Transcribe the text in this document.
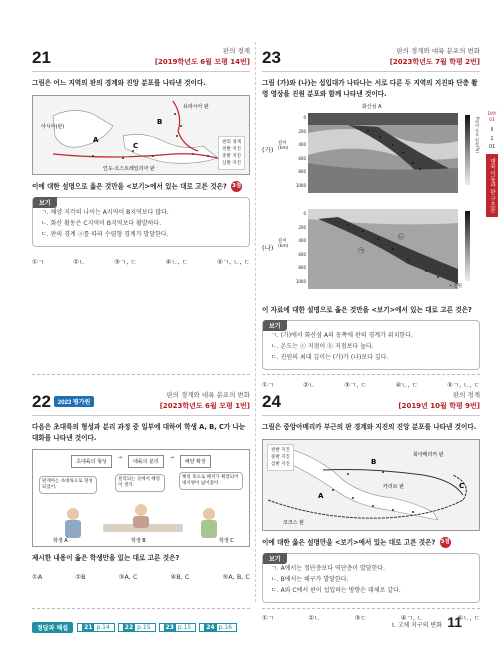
21	판의 경계
[2019학년도 6월 모평 14번]
그림은 어느 지역의 판의 경계와 진앙 분포를 나타낸 것이다.
B
A
C
유라시아 판
아시아(판)
인도-오스트레일리아 판
판의 경계
천발 지진
중발 지진
심발 지진
이에 대한 설명으로 옳은 것만을 <보기>에서 있는 대로 고른 것은? 3점
보기
ㄱ. 해양 지각의 나이는 A지역이 B지역보다 많다.
ㄴ. 화산 활동은 C지역이 B지역보다 활발하다.
ㄷ. 판의 경계 ⓐ를 따라 수렴형 경계가 발달한다.
①ㄱ	②ㄴ	③ㄱ, ㄷ	④ㄴ, ㄷ	⑤ㄱ, ㄴ, ㄷ
22 2023 평가원
판의 경계와 대륙 분포의 변화
[2023학년도 6월 모평 1번]
다음은 초대륙의 형성과 분리 과정 중 일부에 대하여 학생 A, B, C가 나눈 대화를 나타낸 것이다.
초대륙의 형성
→
대륙의 분리
→
해양 확장
판게아는 초대륙으로 형성되었어.
분리되는 곳에서 해령이 생겨.
해령 축으로 해저가 확장되어 대서양이 넓어졌어.
학생 A	학생 B	학생 C
제시한 내용이 옳은 학생만을 있는 대로 고른 것은?
①A	②B	③A, C	④B, C	⑤A, B, C
23	판의 경계와 대륙 분포의 변화
[2023학년도 7월 학평 2번]
그림 (가)와 (나)는 섭입대가 나타나는 서로 다른 두 지역의 지진파 단층 촬영 영상을 진원 분포와 함께 나타낸 것이다.
(가)
화산섬 A
깊이(km)
0
200
400
600
800
1000
P파의 속도 편차(%)
(나)
깊이(km)
㉠
㉡
0
200
400
600
800
1000
• 진원
이 자료에 대한 설명으로 옳은 것만을 <보기>에서 있는 대로 고른 것은?
보기
ㄱ. (가)에서 화산섬 A의 동쪽에 판의 경계가 위치한다.
ㄴ. 온도는 ⓒ 지점이 ⓑ 지점보다 높다.
ㄷ. 진원의 최대 깊이는 (가)가 (나)보다 깊다.
①ㄱ	②ㄴ	③ㄱ, ㄷ	④ㄴ, ㄷ	⑤ㄱ, ㄴ, ㄷ
24	판의 경계
[2019년 10월 학평 9번]
그림은 중앙아메리카 부근의 판 경계와 지진의 진앙 분포를 나타낸 것이다.
B
A
C
코코스 판
카리브 판
북아메리카 판
천발 지진
중발 지진
심발 지진
이에 대한 옳은 설명만을 <보기>에서 있는 대로 고른 것은? 3점
보기
ㄱ. A에서는 정단층보다 역단층이 발달한다.
ㄴ. B에서는 해구가 발달한다.
ㄷ. A와 C에서 판이 섭입하는 방향은 대체로 같다.
①ㄱ	②ㄴ	③ㄷ	④ㄱ, ㄴ	⑤ㄴ, ㄷ
DAY 01
Ⅰ
1
01
대륙 이동과 판 구조론
정답과 해설	21 p.14	22 p.15	23 p.15	24 p.16	Ⅰ. 고체 지구의 변화 11
